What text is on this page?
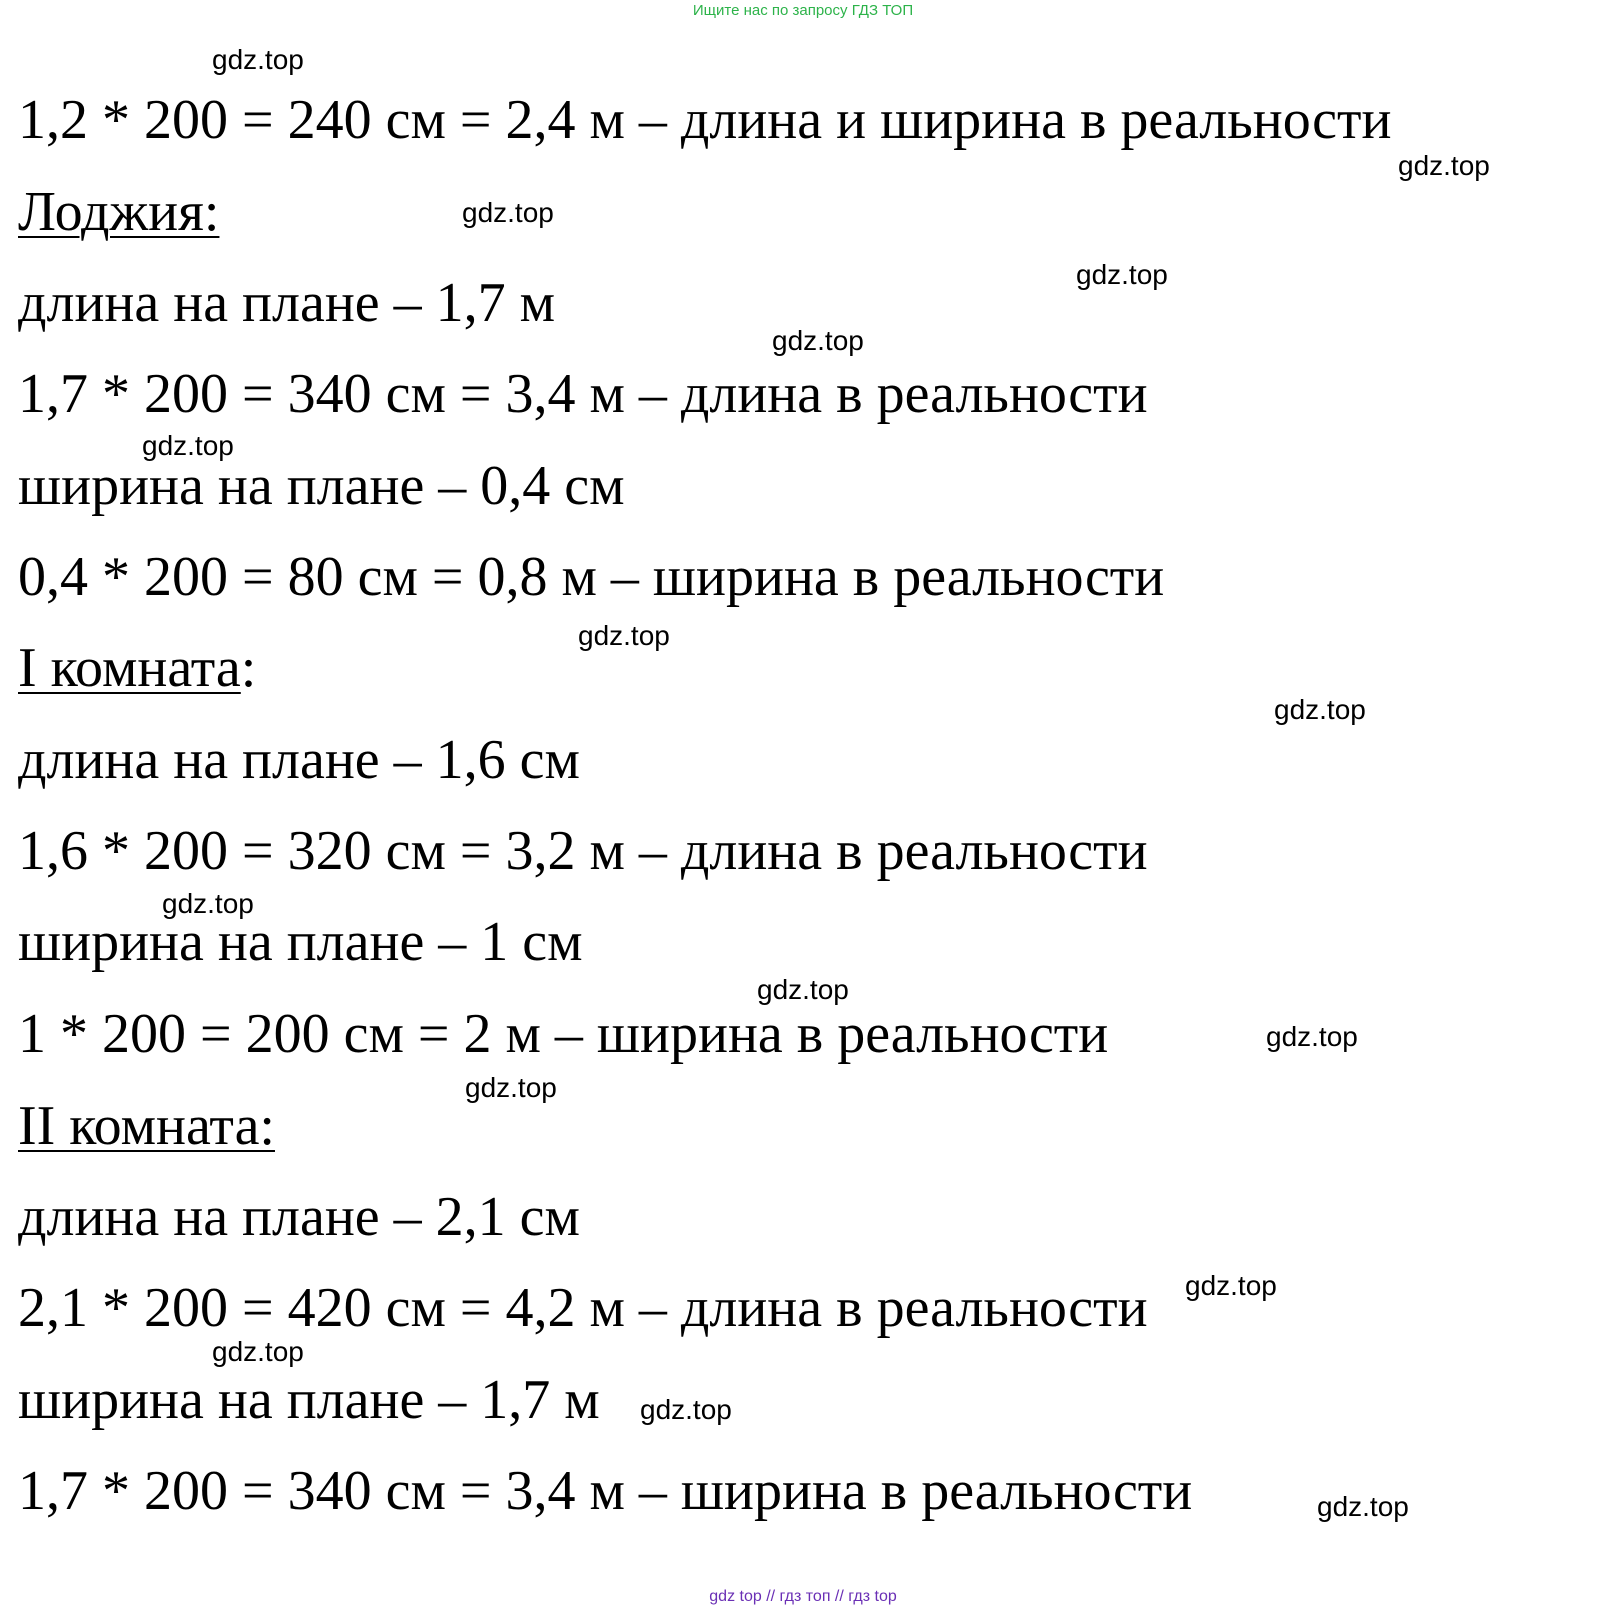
Ищите нас по запросу ГДЗ ТОП
gdz.top
gdz.top
gdz.top
gdz.top
gdz.top
gdz.top
gdz.top
gdz.top
gdz.top
gdz.top
gdz.top
gdz.top
gdz.top
gdz.top
gdz.top
gdz.top
1,2 * 200 = 240 см = 2,4 м – длина и ширина в реальности
Лоджия:
длина на плане – 1,7 м
1,7 * 200 = 340 см = 3,4 м – длина в реальности
ширина на плане – 0,4 см
0,4 * 200 = 80 см = 0,8 м – ширина в реальности
I комната:
длина на плане – 1,6 см
1,6 * 200 = 320 см = 3,2 м – длина в реальности
ширина на плане – 1 см
1 * 200 = 200 см = 2 м – ширина в реальности
II комната:
длина на плане – 2,1 см
2,1 * 200 = 420 см = 4,2 м – длина в реальности
ширина на плане – 1,7 м
1,7 * 200 = 340 см = 3,4 м – ширина в реальности
gdz top // гдз топ // гдз top
